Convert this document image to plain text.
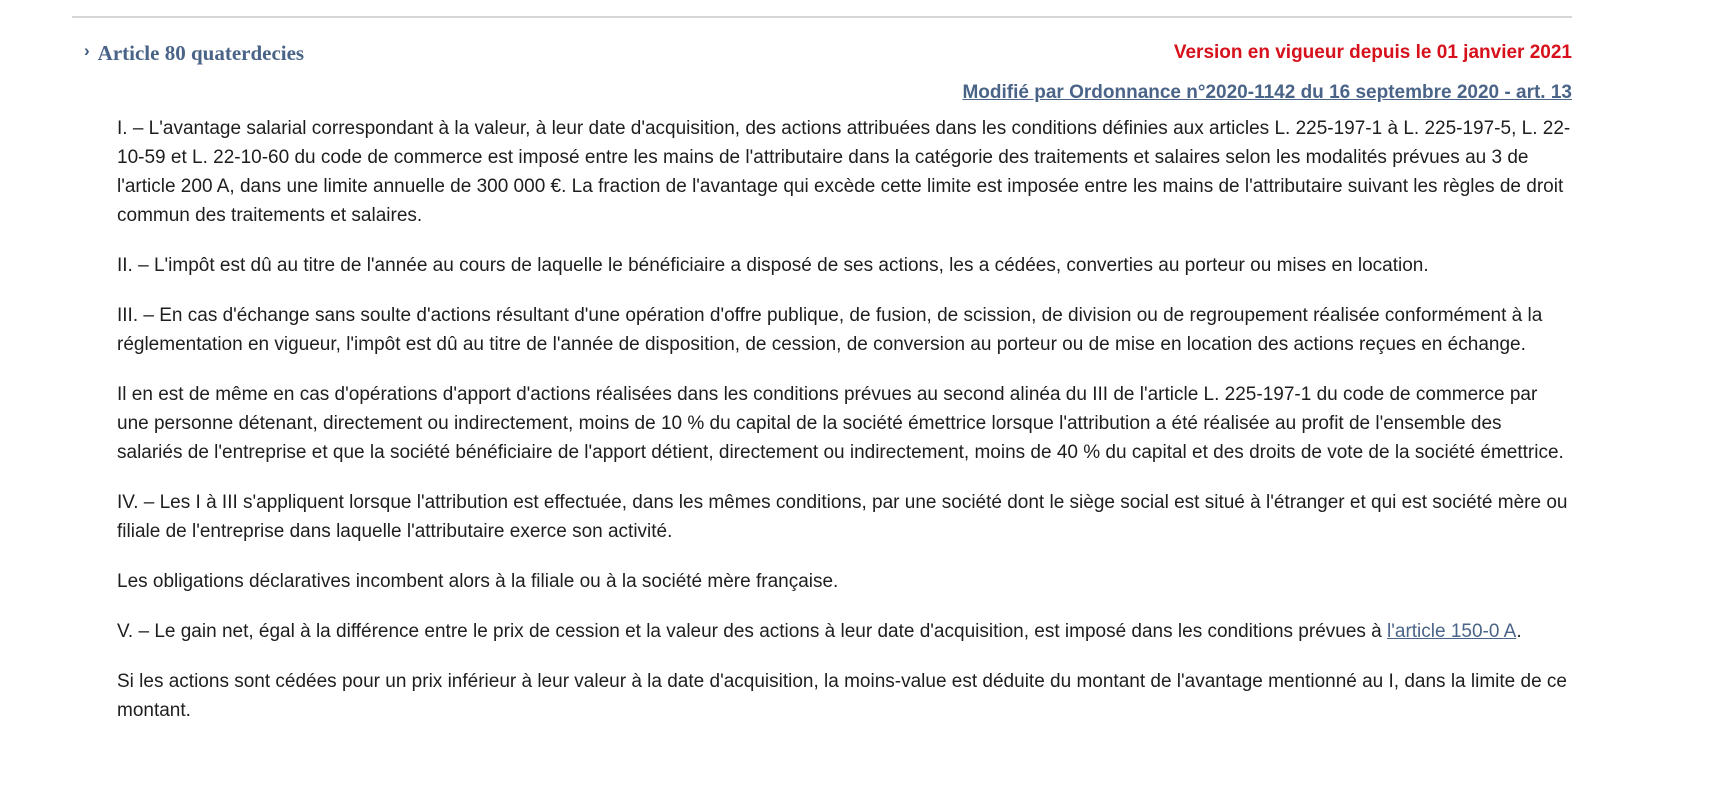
› Article 80 quaterdecies	Version en vigueur depuis le 01 janvier 2021
Modifié par Ordonnance n°2020-1142 du 16 septembre 2020 - art. 13

I. – L'avantage salarial correspondant à la valeur, à leur date d'acquisition, des actions attribuées dans les conditions définies aux articles L. 225-197-1 à L. 225-197-5, L. 22-10-59 et L. 22-10-60 du code de commerce est imposé entre les mains de l'attributaire dans la catégorie des traitements et salaires selon les modalités prévues au 3 de l'article 200 A, dans une limite annuelle de 300 000 €. La fraction de l'avantage qui excède cette limite est imposée entre les mains de l'attributaire suivant les règles de droit commun des traitements et salaires.

II. – L'impôt est dû au titre de l'année au cours de laquelle le bénéficiaire a disposé de ses actions, les a cédées, converties au porteur ou mises en location.

III. – En cas d'échange sans soulte d'actions résultant d'une opération d'offre publique, de fusion, de scission, de division ou de regroupement réalisée conformément à la réglementation en vigueur, l'impôt est dû au titre de l'année de disposition, de cession, de conversion au porteur ou de mise en location des actions reçues en échange.

Il en est de même en cas d'opérations d'apport d'actions réalisées dans les conditions prévues au second alinéa du III de l'article L. 225-197-1 du code de commerce par une personne détenant, directement ou indirectement, moins de 10 % du capital de la société émettrice lorsque l'attribution a été réalisée au profit de l'ensemble des salariés de l'entreprise et que la société bénéficiaire de l'apport détient, directement ou indirectement, moins de 40 % du capital et des droits de vote de la société émettrice.

IV. – Les I à III s'appliquent lorsque l'attribution est effectuée, dans les mêmes conditions, par une société dont le siège social est situé à l'étranger et qui est société mère ou filiale de l'entreprise dans laquelle l'attributaire exerce son activité.

Les obligations déclaratives incombent alors à la filiale ou à la société mère française.

V. – Le gain net, égal à la différence entre le prix de cession et la valeur des actions à leur date d'acquisition, est imposé dans les conditions prévues à l'article 150-0 A.

Si les actions sont cédées pour un prix inférieur à leur valeur à la date d'acquisition, la moins-value est déduite du montant de l'avantage mentionné au I, dans la limite de ce montant.
